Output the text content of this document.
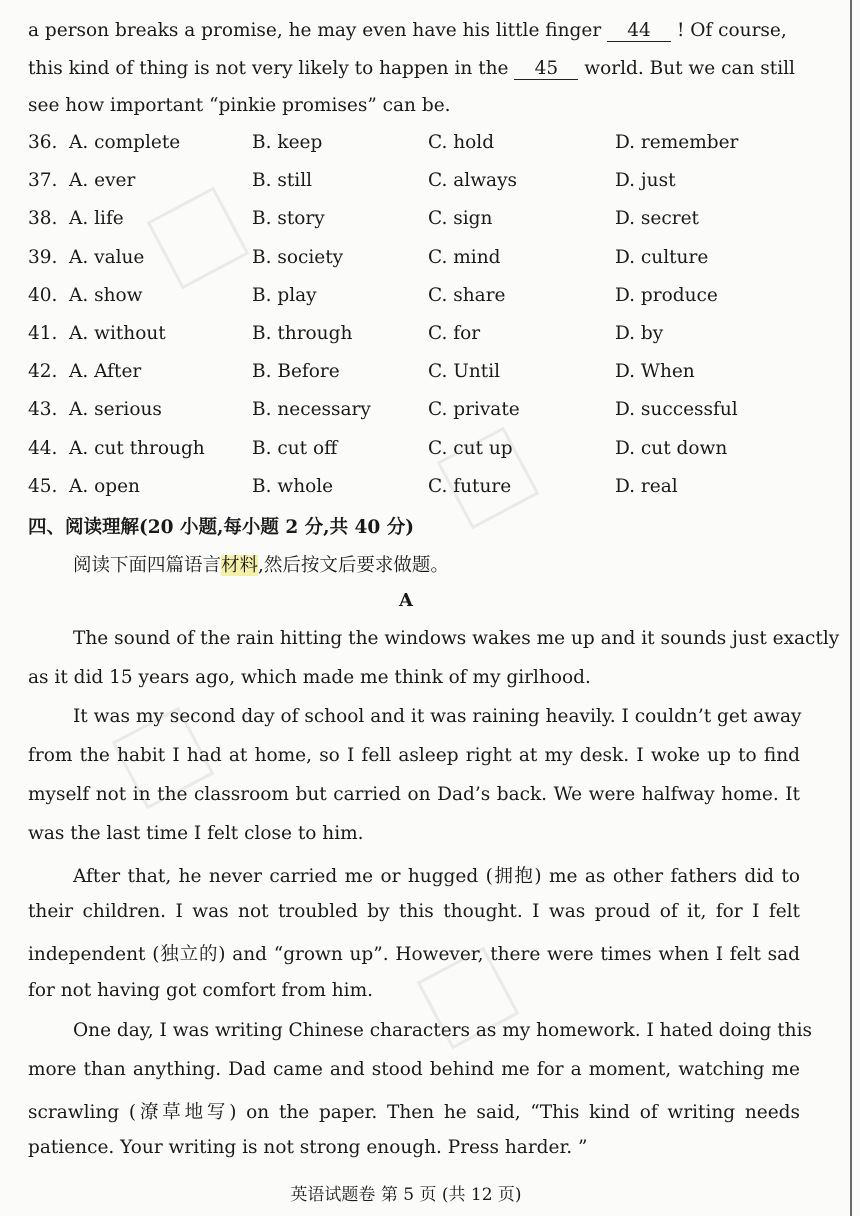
a person breaks a promise, he may even have his little finger 44 ! Of course,
this kind of thing is not very likely to happen in the 45 world. But we can still
see how important “pinkie promises” can be.
36. A. complete	B. keep	C. hold	D. remember
37. A. ever	B. still	C. always	D. just
38. A. life	B. story	C. sign	D. secret
39. A. value	B. society	C. mind	D. culture
40. A. show	B. play	C. share	D. produce
41. A. without	B. through	C. for	D. by
42. A. After	B. Before	C. Until	D. When
43. A. serious	B. necessary	C. private	D. successful
44. A. cut through	B. cut off	C. cut up	D. cut down
45. A. open	B. whole	C. future	D. real
四、阅读理解(20 小题,每小题 2 分,共 40 分)
阅读下面四篇语言材料,然后按文后要求做题。
A
The sound of the rain hitting the windows wakes me up and it sounds just exactly
as it did 15 years ago, which made me think of my girlhood.
It was my second day of school and it was raining heavily. I couldn’t get away
from the habit I had at home, so I fell asleep right at my desk. I woke up to find
myself not in the classroom but carried on Dad’s back. We were halfway home. It
was the last time I felt close to him.
After that, he never carried me or hugged (拥抱) me as other fathers did to
their children. I was not troubled by this thought. I was proud of it, for I felt
independent (独立的) and “grown up”. However, there were times when I felt sad
for not having got comfort from him.
One day, I was writing Chinese characters as my homework. I hated doing this
more than anything. Dad came and stood behind me for a moment, watching me
scrawling (潦草地写) on the paper. Then he said, “This kind of writing needs
patience. Your writing is not strong enough. Press harder. ”
英语试题卷 第 5 页 (共 12 页)
